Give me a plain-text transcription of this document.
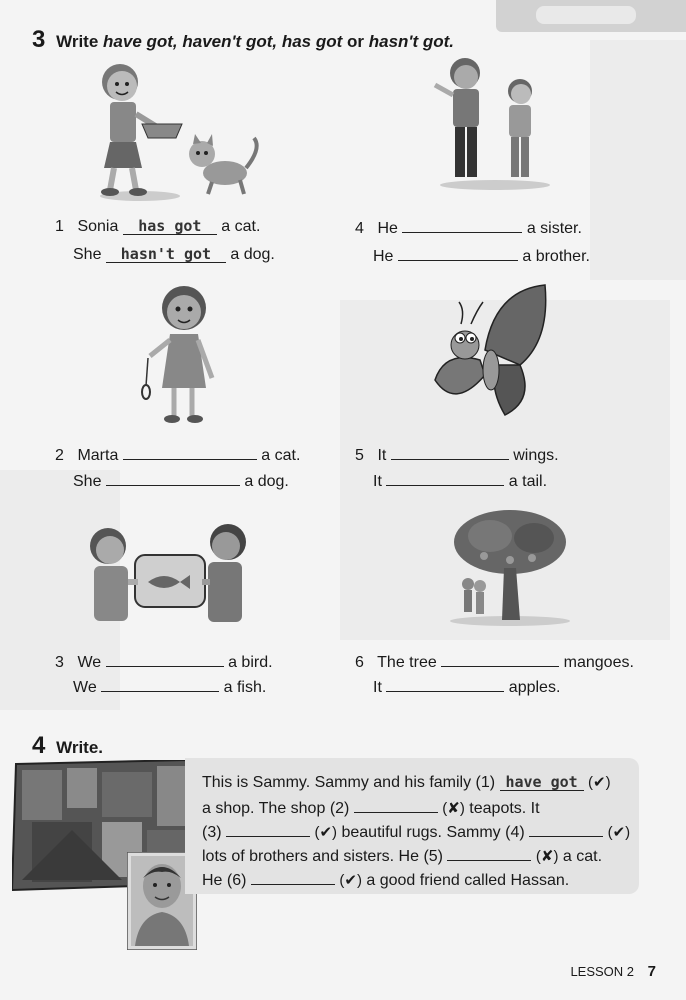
3 Write have got, haven't got, has got or hasn't got.
1 Sonia has got a cat.
She hasn't got a dog.
4 He	a sister.
He	a brother.
2 Marta	a cat.
She	a dog.
5 It	wings.
It	a tail.
3 We	a bird.
We	a fish.
6 The tree	mangoes.
It	apples.
4 Write.
This is Sammy. Sammy and his family (1) have got (✔)
a shop. The shop (2)	(✘) teapots. It
(3)	(✔) beautiful rugs. Sammy (4)	(✔)
lots of brothers and sisters. He (5)	(✘) a cat.
He (6)	(✔) a good friend called Hassan.
LESSON 2 7
